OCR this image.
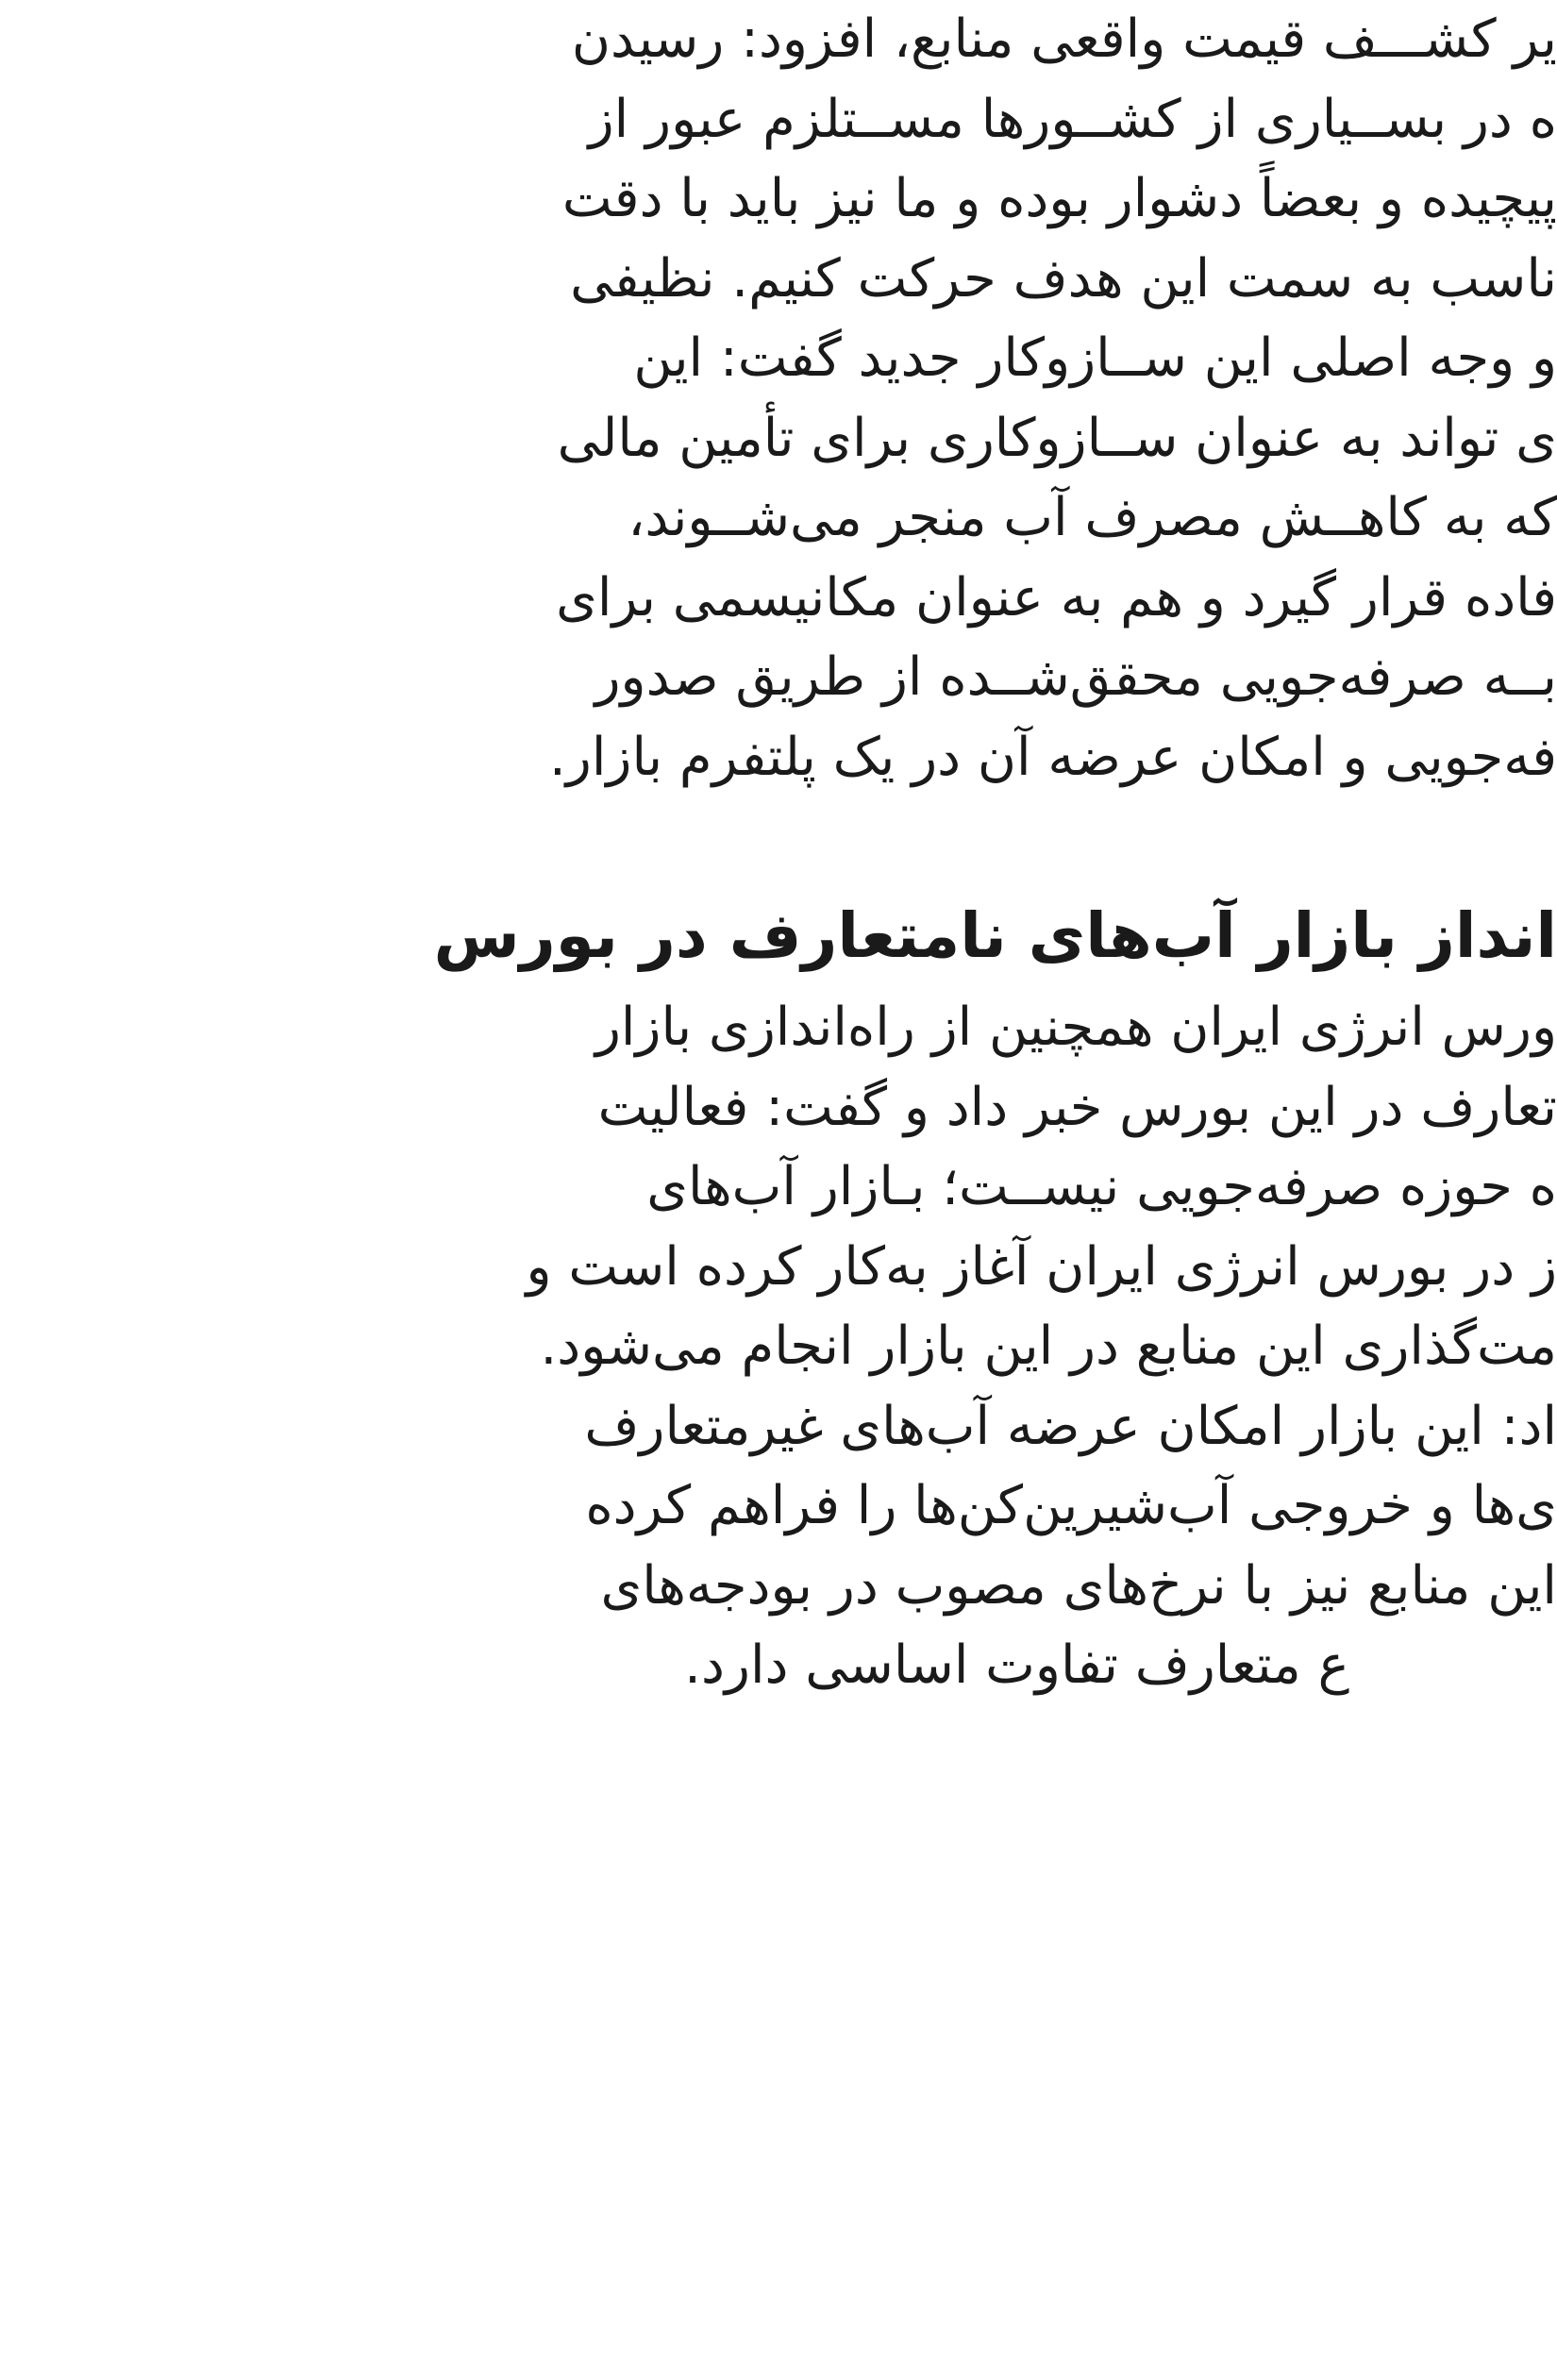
یر کشـــف قیمت واقعی منابع، افزود: رسیدن
ه در بســیاری از کشــورها مســتلزم عبور از
پیچیده و بعضاً دشوار بوده و ما نیز باید با دقت
ناسب به سمت این هدف حرکت کنیم. نظیفی
و وجه اصلی این ســازوکار جدید گفت: این
ی تواند به عنوان ســازوکاری برای تأمین مالی
که به کاهــش مصرف آب منجر می‌شــوند،
فاده قرار گیرد و هم به عنوان مکانیسمی برای
بــه صرفه‌جویی محقق‌شــده از طریق صدور
فه‌جویی و امکان عرضه آن در یک پلتفرم بازار.
انداز بازار آب‌های نامتعارف در بورس
ورس انرژی ایران همچنین از راه‌اندازی بازار
تعارف در این بورس خبر داد و گفت: فعالیت
ه حوزه صرفه‌جویی نیســت؛ بـازار آب‌های
ز در بورس انرژی ایران آغاز به‌کار کرده است و
مت‌گذاری این منابع در این بازار انجام می‌شود.
اد: این بازار امکان عرضه آب‌های غیرمتعارف
ی‌ها و خروجی آب‌شیرین‌کن‌ها را فراهم کرده
این منابع نیز با نرخ‌های مصوب در بودجه‌های
ع متعارف تفاوت اساسی دارد.
